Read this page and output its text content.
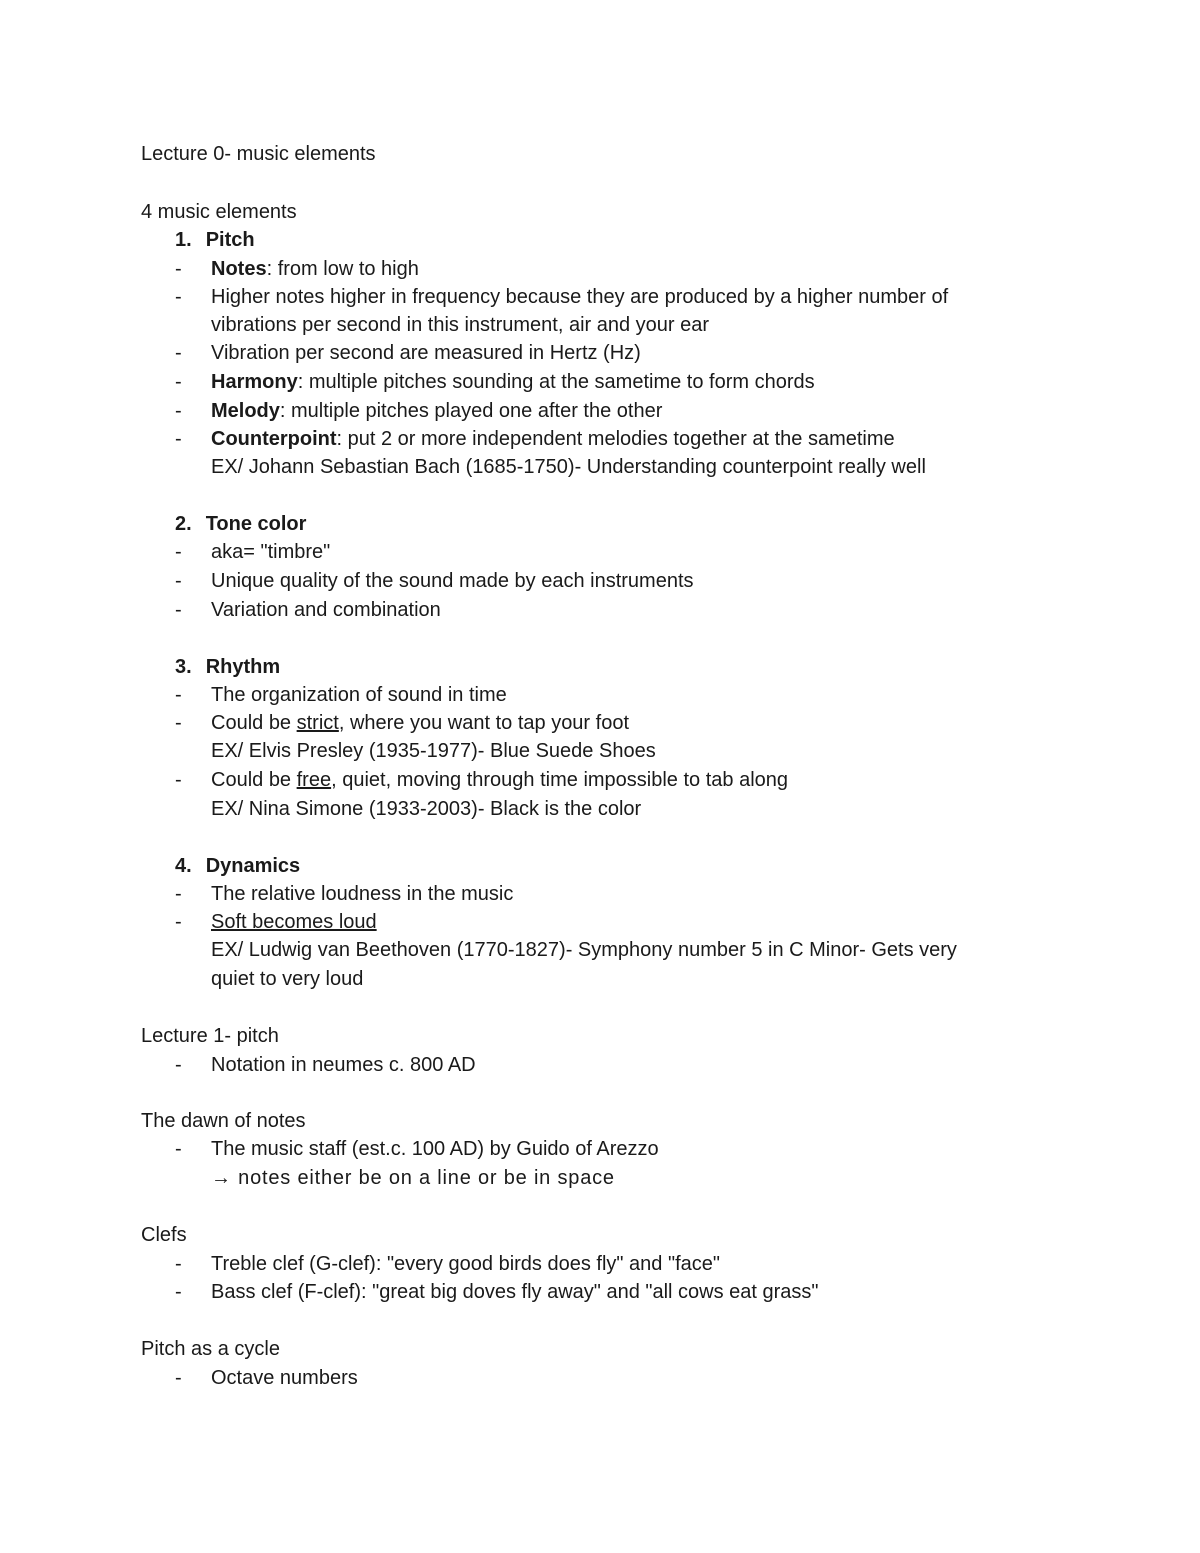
Lecture 0- music elements
4 music elements
1. Pitch
- Notes: from low to high
- Higher notes higher in frequency because they are produced by a higher number of
vibrations per second in this instrument, air and your ear
- Vibration per second are measured in Hertz (Hz)
- Harmony: multiple pitches sounding at the sametime to form chords
- Melody: multiple pitches played one after the other
- Counterpoint: put 2 or more independent melodies together at the sametime
EX/ Johann Sebastian Bach (1685-1750)- Understanding counterpoint really well
2. Tone color
- aka= "timbre"
- Unique quality of the sound made by each instruments
- Variation and combination
3. Rhythm
- The organization of sound in time
- Could be strict, where you want to tap your foot
EX/ Elvis Presley (1935-1977)- Blue Suede Shoes
- Could be free, quiet, moving through time impossible to tab along
EX/ Nina Simone (1933-2003)- Black is the color
4. Dynamics
- The relative loudness in the music
- Soft becomes loud
EX/ Ludwig van Beethoven (1770-1827)- Symphony number 5 in C Minor- Gets very
quiet to very loud
Lecture 1- pitch
- Notation in neumes c. 800 AD
The dawn of notes
- The music staff (est.c. 100 AD) by Guido of Arezzo
→ notes either be on a line or be in space
Clefs
- Treble clef (G-clef): "every good birds does fly" and "face"
- Bass clef (F-clef): "great big doves fly away" and "all cows eat grass"
Pitch as a cycle
- Octave numbers
